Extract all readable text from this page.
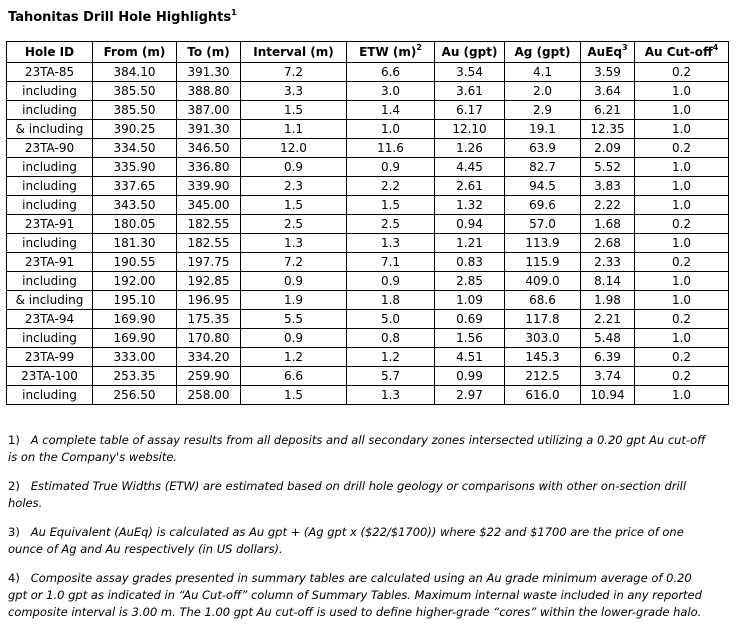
Tahonitas Drill Hole Highlights$^1$
Hole ID	From (m)	To (m)	Interval (m)	ETW $(m)^2$	Au (gpt)	Ag (gpt)	AuEq$^3$	Au Cut-off$^4$
23TA-85	384.10	391.30	7.2	6.6	3.54	4.1	3.59	0.2
including	385.50	388.80	3.3	3.0	3.61	2.0	3.64	1.0
including	385.50	387.00	1.5	1.4	6.17	2.9	6.21	1.0
& including	390.25	391.30	1.1	1.0	12.10	19.1	12.35	1.0
23TA-90	334.50	346.50	12.0	11.6	1.26	63.9	2.09	0.2
including	335.90	336.80	0.9	0.9	4.45	82.7	5.52	1.0
including	337.65	339.90	2.3	2.2	2.61	94.5	3.83	1.0
including	343.50	345.00	1.5	1.5	1.32	69.6	2.22	1.0
23TA-91	180.05	182.55	2.5	2.5	0.94	57.0	1.68	0.2
including	181.30	182.55	1.3	1.3	1.21	113.9	2.68	1.0
23TA-91	190.55	197.75	7.2	7.1	0.83	115.9	2.33	0.2
including	192.00	192.85	0.9	0.9	2.85	409.0	8.14	1.0
& including	195.10	196.95	1.9	1.8	1.09	68.6	1.98	1.0
23TA-94	169.90	175.35	5.5	5.0	0.69	117.8	2.21	0.2
including	169.90	170.80	0.9	0.8	1.56	303.0	5.48	1.0
23TA-99	333.00	334.20	1.2	1.2	4.51	145.3	6.39	0.2
23TA-100	253.35	259.90	6.6	5.7	0.99	212.5	3.74	0.2
including	256.50	258.00	1.5	1.3	2.97	616.0	10.94	1.0
1) A complete table of assay results from all deposits and all secondary zones intersected utilizing a 0.20 gpt Au cut-off is on the Company's website.
2) Estimated True Widths (ETW) are estimated based on drill hole geology or comparisons with other on-section drill holes.
3) Au Equivalent (AuEq) is calculated as Au gpt + (Ag gpt x ($22/$1700)) where $22 and $1700 are the price of one ounce of Ag and Au respectively (in US dollars).
4) Composite assay grades presented in summary tables are calculated using an Au grade minimum average of 0.20 gpt or 1.0 gpt as indicated in “Au Cut-off” column of Summary Tables. Maximum internal waste included in any reported composite interval is 3.00 m. The 1.00 gpt Au cut-off is used to define higher-grade “cores” within the lower-grade halo.
